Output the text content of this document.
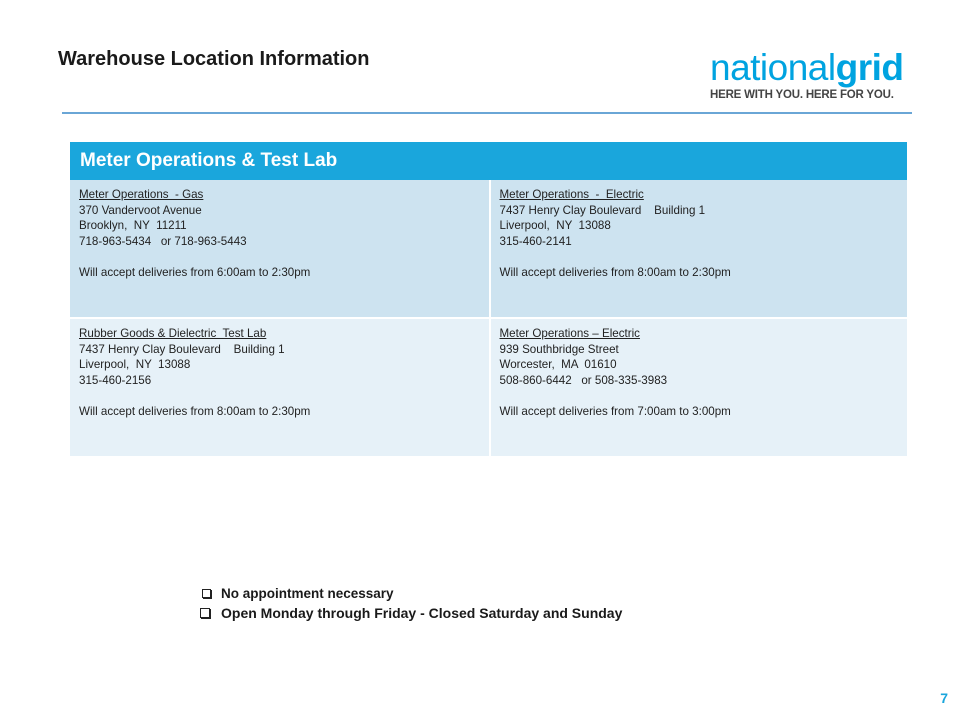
Warehouse Location Information	nationalgrid
HERE WITH YOU. HERE FOR YOU.
Meter Operations & Test Lab
Meter Operations  - Gas
370 Vandervoot Avenue
Brooklyn,  NY  11211
718-963-5434   or 718-963-5443
Will accept deliveries from 6:00am to 2:30pm
Meter Operations  -  Electric
7437 Henry Clay Boulevard    Building 1
Liverpool,  NY  13088
315-460-2141
Will accept deliveries from 8:00am to 2:30pm
Rubber Goods & Dielectric  Test Lab
7437 Henry Clay Boulevard    Building 1
Liverpool,  NY  13088
315-460-2156
Will accept deliveries from 8:00am to 2:30pm
Meter Operations – Electric
939 Southbridge Street
Worcester,  MA  01610
508-860-6442   or 508-335-3983
Will accept deliveries from 7:00am to 3:00pm
No appointment necessary
Open Monday through Friday - Closed Saturday and Sunday
7
